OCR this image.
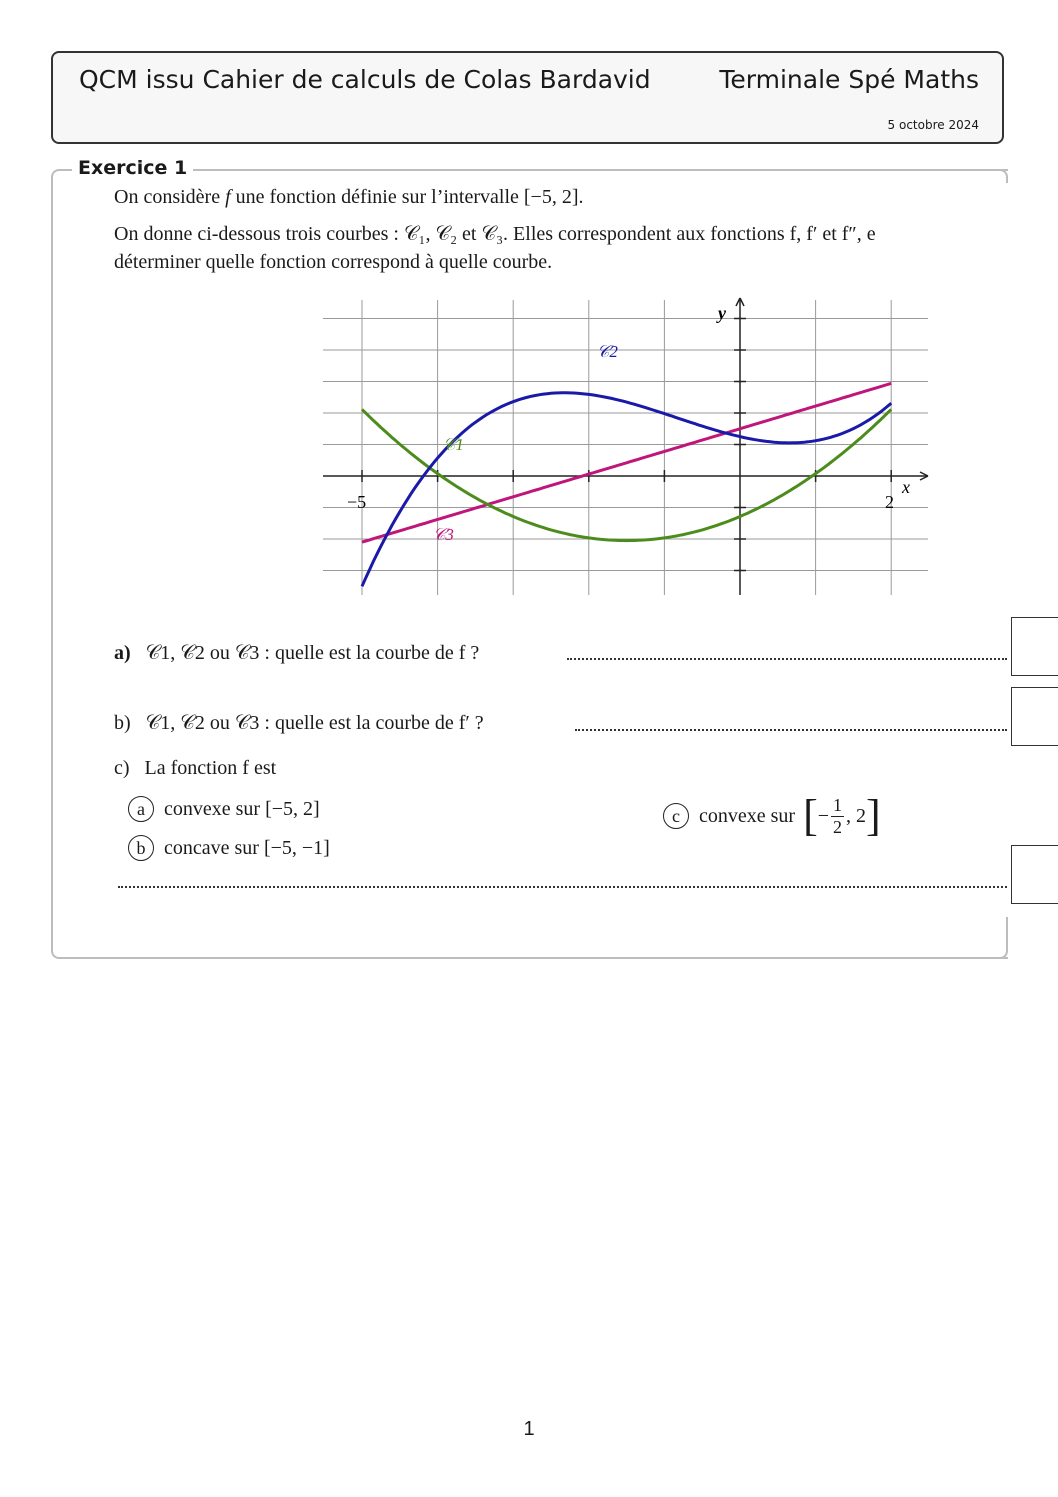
QCM issu Cahier de calculs de Colas Bardavid	Terminale Spé Maths
5 octobre 2024
Exercice 1
On considère f une fonction définie sur l’intervalle [−5, 2].
On donne ci-dessous trois courbes : 𝒞₁, 𝒞₂ et 𝒞₃. Elles correspondent aux fonctions f, f′ et f″, e
déterminer quelle fonction correspond à quelle courbe.
x
y
−5	2
𝒞2
𝒞1
𝒞3
a) 𝒞1, 𝒞2 ou 𝒞3 : quelle est la courbe de f ?
b) 𝒞1, 𝒞2 ou 𝒞3 : quelle est la courbe de f′ ?
c) La fonction f est
a convexe sur [−5, 2]
b concave sur [−5, −1]
c convexe sur [ − $\frac{1}{2}$ , 2 ]
1
